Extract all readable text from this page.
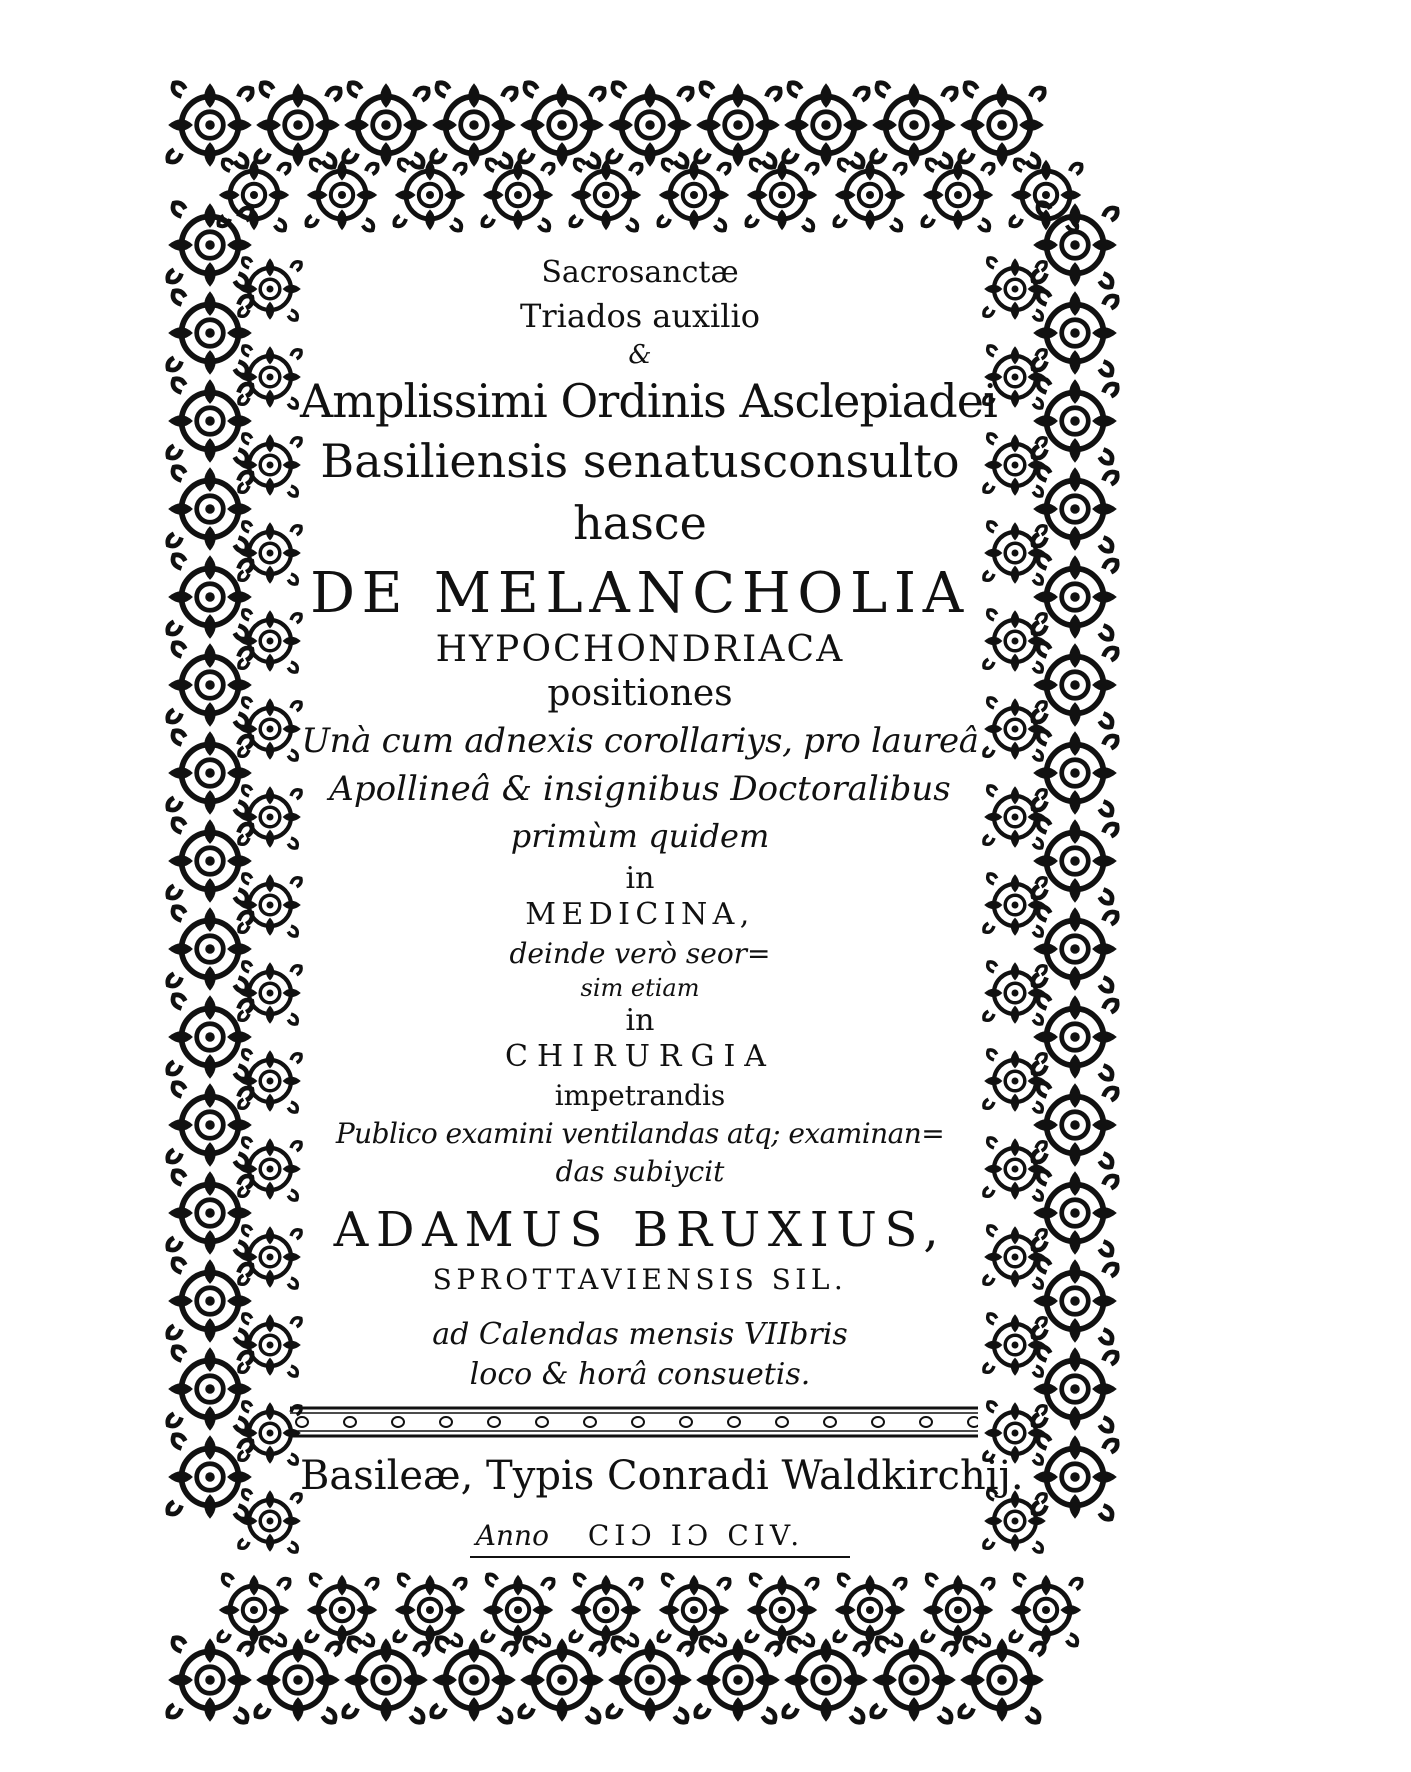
Sacrosanctæ
Triados auxilio
&
Amplissimi Ordinis Asclepiadei
Basiliensis senatusconsulto
hasce
DE MELANCHOLIA
HYPOCHONDRIACA
positiones
Unà cum adnexis corollariys, pro laureâ
Apollineâ & insignibus Doctoralibus
primùm quidem
in
MEDICINA,
deinde verò seor=
sim etiam
in
CHIRURGIA
impetrandis
Publico examini ventilandas atq; examinan=
das subiycit
ADAMUS BRUXIUS,
SPROTTAVIENSIS SIL.
ad Calendas mensis VIIbris
loco & horâ consuetis.
Basileæ, Typis Conradi Waldkirchij.
Anno CIƆ IƆ CIV.
